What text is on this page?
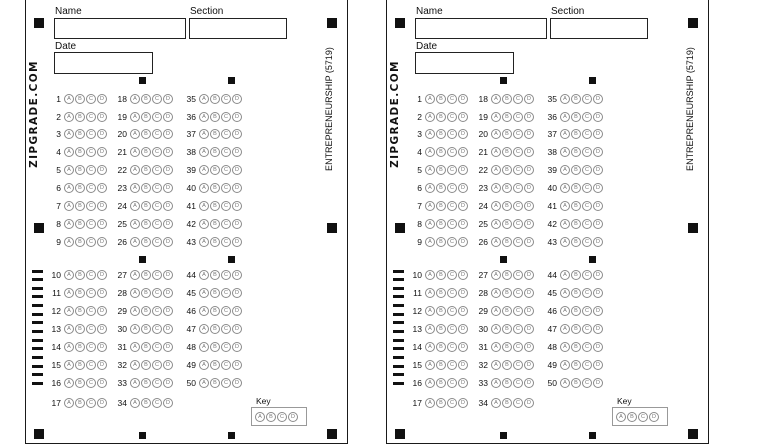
Name	Section
Date
ZIPGRADE.COM	ENTREPRENEURSHIP (5719)
1	A	B	C	D
2	A	B	C	D
3	A	B	C	D
4	A	B	C	D
5	A	B	C	D
6	A	B	C	D
7	A	B	C	D
8	A	B	C	D
9	A	B	C	D
10	A	B	C	D
11	A	B	C	D
12	A	B	C	D
13	A	B	C	D
14	A	B	C	D
15	A	B	C	D
16	A	B	C	D
17	A	B	C	D
18	A	B	C	D
19	A	B	C	D
20	A	B	C	D
21	A	B	C	D
22	A	B	C	D
23	A	B	C	D
24	A	B	C	D
25	A	B	C	D
26	A	B	C	D
27	A	B	C	D
28	A	B	C	D
29	A	B	C	D
30	A	B	C	D
31	A	B	C	D
32	A	B	C	D
33	A	B	C	D
34	A	B	C	D
35	A	B	C	D
36	A	B	C	D
37	A	B	C	D
38	A	B	C	D
39	A	B	C	D
40	A	B	C	D
41	A	B	C	D
42	A	B	C	D
43	A	B	C	D
44	A	B	C	D
45	A	B	C	D
46	A	B	C	D
47	A	B	C	D
48	A	B	C	D
49	A	B	C	D
50	A	B	C	D
Key
A	B	C	D
Name	Section
Date
ZIPGRADE.COM	ENTREPRENEURSHIP (5719)
1	A	B	C	D
2	A	B	C	D
3	A	B	C	D
4	A	B	C	D
5	A	B	C	D
6	A	B	C	D
7	A	B	C	D
8	A	B	C	D
9	A	B	C	D
10	A	B	C	D
11	A	B	C	D
12	A	B	C	D
13	A	B	C	D
14	A	B	C	D
15	A	B	C	D
16	A	B	C	D
17	A	B	C	D
18	A	B	C	D
19	A	B	C	D
20	A	B	C	D
21	A	B	C	D
22	A	B	C	D
23	A	B	C	D
24	A	B	C	D
25	A	B	C	D
26	A	B	C	D
27	A	B	C	D
28	A	B	C	D
29	A	B	C	D
30	A	B	C	D
31	A	B	C	D
32	A	B	C	D
33	A	B	C	D
34	A	B	C	D
35	A	B	C	D
36	A	B	C	D
37	A	B	C	D
38	A	B	C	D
39	A	B	C	D
40	A	B	C	D
41	A	B	C	D
42	A	B	C	D
43	A	B	C	D
44	A	B	C	D
45	A	B	C	D
46	A	B	C	D
47	A	B	C	D
48	A	B	C	D
49	A	B	C	D
50	A	B	C	D
Key
A	B	C	D
